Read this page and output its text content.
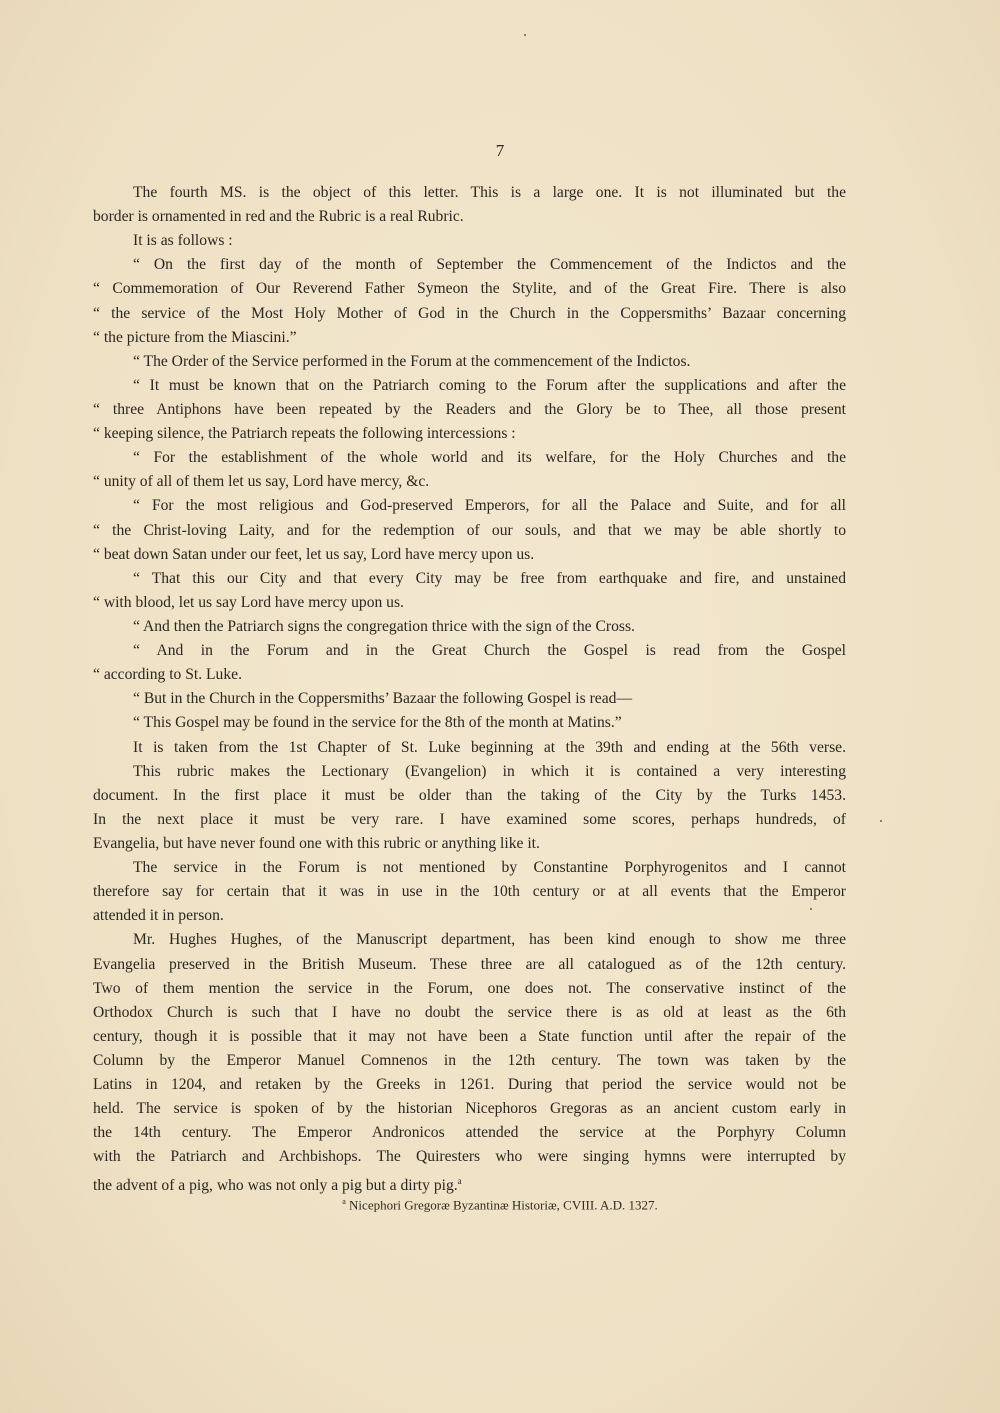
7
The fourth MS. is the object of this letter. This is a large one. It is not illuminated but the
border is ornamented in red and the Rubric is a real Rubric.
It is as follows :
“ On the first day of the month of September the Commencement of the Indictos and the
“ Commemoration of Our Reverend Father Symeon the Stylite, and of the Great Fire. There is also
“ the service of the Most Holy Mother of God in the Church in the Coppersmiths’ Bazaar concerning
“ the picture from the Miascini.”
“ The Order of the Service performed in the Forum at the commencement of the Indictos.
“ It must be known that on the Patriarch coming to the Forum after the supplications and after the
“ three Antiphons have been repeated by the Readers and the Glory be to Thee, all those present
“ keeping silence, the Patriarch repeats the following intercessions :
“ For the establishment of the whole world and its welfare, for the Holy Churches and the
“ unity of all of them let us say, Lord have mercy, &c.
“ For the most religious and God-preserved Emperors, for all the Palace and Suite, and for all
“ the Christ-loving Laity, and for the redemption of our souls, and that we may be able shortly to
“ beat down Satan under our feet, let us say, Lord have mercy upon us.
“ That this our City and that every City may be free from earthquake and fire, and unstained
“ with blood, let us say Lord have mercy upon us.
“ And then the Patriarch signs the congregation thrice with the sign of the Cross.
“ And in the Forum and in the Great Church the Gospel is read from the Gospel
“ according to St. Luke.
“ But in the Church in the Coppersmiths’ Bazaar the following Gospel is read—
“ This Gospel may be found in the service for the 8th of the month at Matins.”
It is taken from the 1st Chapter of St. Luke beginning at the 39th and ending at the 56th verse.
This rubric makes the Lectionary (Evangelion) in which it is contained a very interesting
document. In the first place it must be older than the taking of the City by the Turks 1453.
In the next place it must be very rare. I have examined some scores, perhaps hundreds, of
Evangelia, but have never found one with this rubric or anything like it.
The service in the Forum is not mentioned by Constantine Porphyrogenitos and I cannot
therefore say for certain that it was in use in the 10th century or at all events that the Emperor
attended it in person.
Mr. Hughes Hughes, of the Manuscript department, has been kind enough to show me three
Evangelia preserved in the British Museum. These three are all catalogued as of the 12th century.
Two of them mention the service in the Forum, one does not. The conservative instinct of the
Orthodox Church is such that I have no doubt the service there is as old at least as the 6th
century, though it is possible that it may not have been a State function until after the repair of the
Column by the Emperor Manuel Comnenos in the 12th century. The town was taken by the
Latins in 1204, and retaken by the Greeks in 1261. During that period the service would not be
held. The service is spoken of by the historian Nicephoros Gregoras as an ancient custom early in
the 14th century. The Emperor Andronicos attended the service at the Porphyry Column
with the Patriarch and Archbishops. The Quiresters who were singing hymns were interrupted by
the advent of a pig, who was not only a pig but a dirty pig.$^a$
$^a$ Nicephori Gregoræ Byzantinæ Historiæ, CVIII. A.D. 1327.
